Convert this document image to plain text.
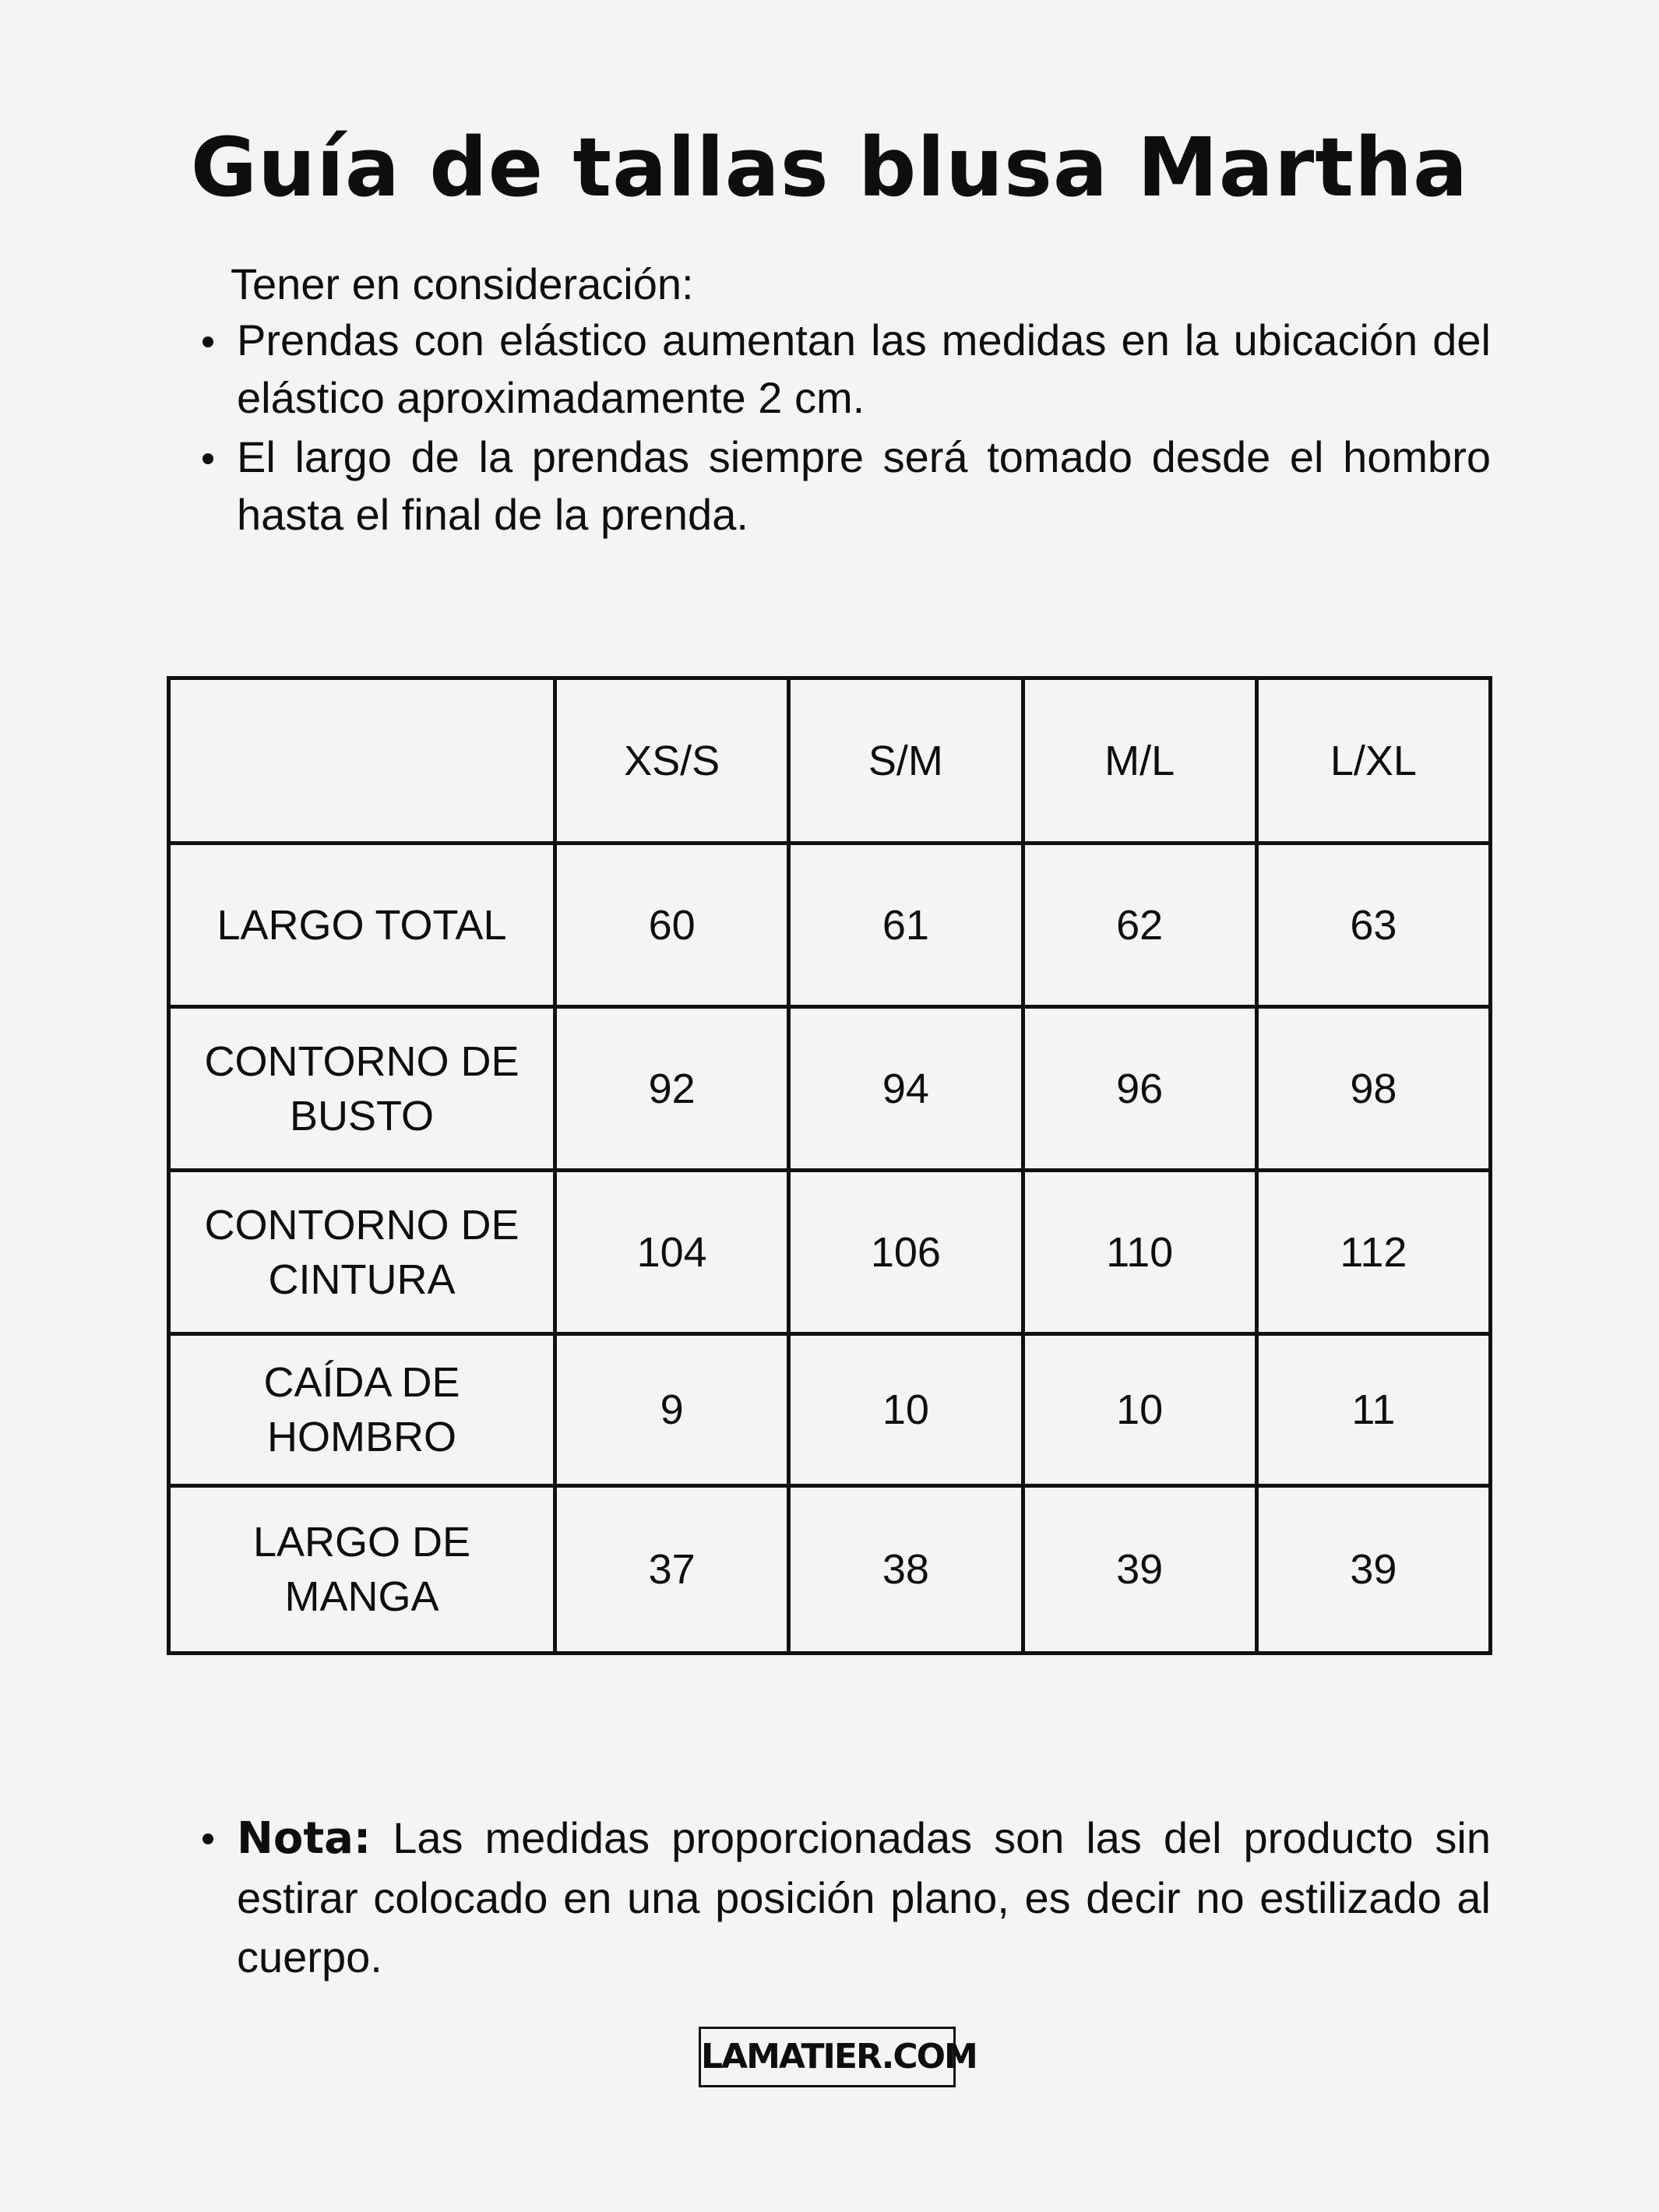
Guía de tallas blusa Martha

Tener en consideración:

Prendas con elástico aumentan las medidas en la ubicación del elástico aproximadamente 2 cm.
El largo de la prendas siempre será tomado desde el hombro hasta el final de la prenda.
	XS/S	S/M	M/L	L/XL
LARGO TOTAL	60	61	62	63
CONTORNO DE BUSTO	92	94	96	98
CONTORNO DE CINTURA	104	106	110	112
CAÍDA DE HOMBRO	9	10	10	11
LARGO DE MANGA	37	38	39	39
Nota: Las medidas proporcionadas son las del producto sin estirar colocado en una posición plano, es decir no estilizado al cuerpo.
LAMATIER.COM
